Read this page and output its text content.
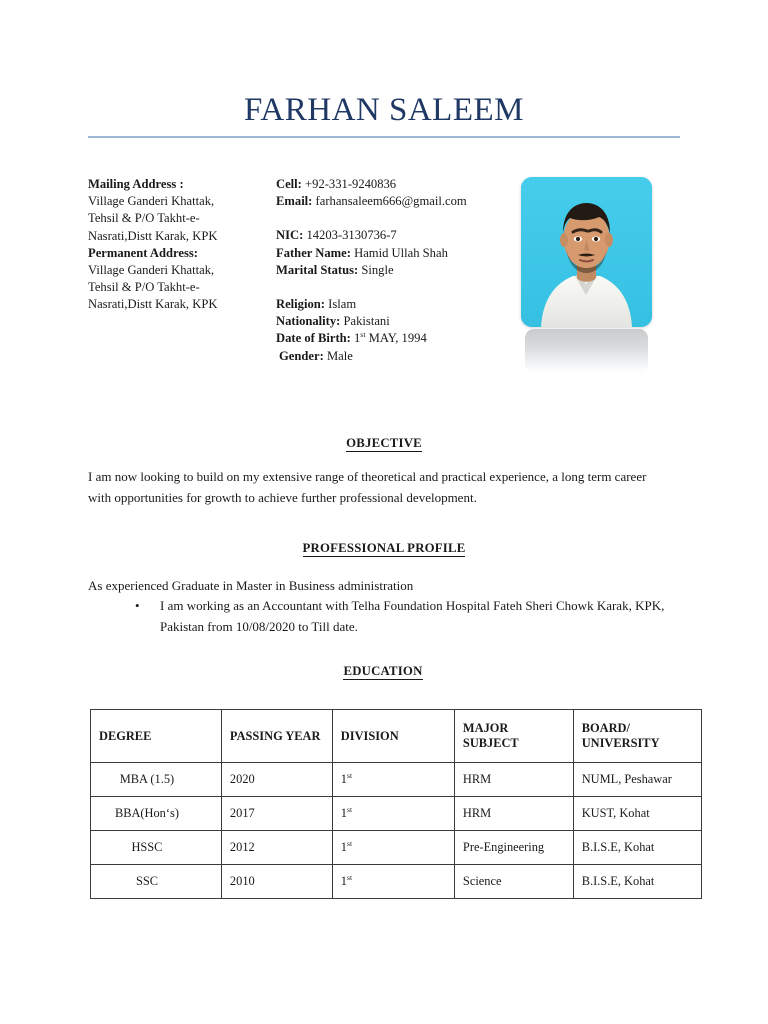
FARHAN SALEEM
Mailing Address :
Village Ganderi Khattak,
Tehsil & P/O Takht-e-
Nasrati,Distt Karak, KPK
Permanent Address:
Village Ganderi Khattak,
Tehsil & P/O Takht-e-
Nasrati,Distt Karak, KPK
Cell: +92-331-9240836
Email: farhansaleem666@gmail.com
NIC: 14203-3130736-7
Father Name: Hamid Ullah Shah
Marital Status: Single
Religion: Islam
Nationality: Pakistani
Date of Birth: 1st MAY, 1994
Gender: Male
OBJECTIVE
I am now looking to build on my extensive range of theoretical and practical experience, a long term career with opportunities for growth to achieve further professional development.
PROFESSIONAL PROFILE
As experienced Graduate in Master in Business administration
• I am working as an Accountant with Telha Foundation Hospital Fateh Sheri Chowk Karak, KPK, Pakistan from 10/08/2020 to Till date.
EDUCATION
DEGREE	PASSING YEAR	DIVISION	MAJOR SUBJECT	BOARD/
UNIVERSITY

MBA (1.5)	2020	1st	HRM	NUML, Peshawar
BBA(Hon‘s)	2017	1st	HRM	KUST, Kohat
HSSC	2012	1st	Pre-Engineering	B.I.S.E, Kohat
SSC	2010	1st	Science	B.I.S.E, Kohat
